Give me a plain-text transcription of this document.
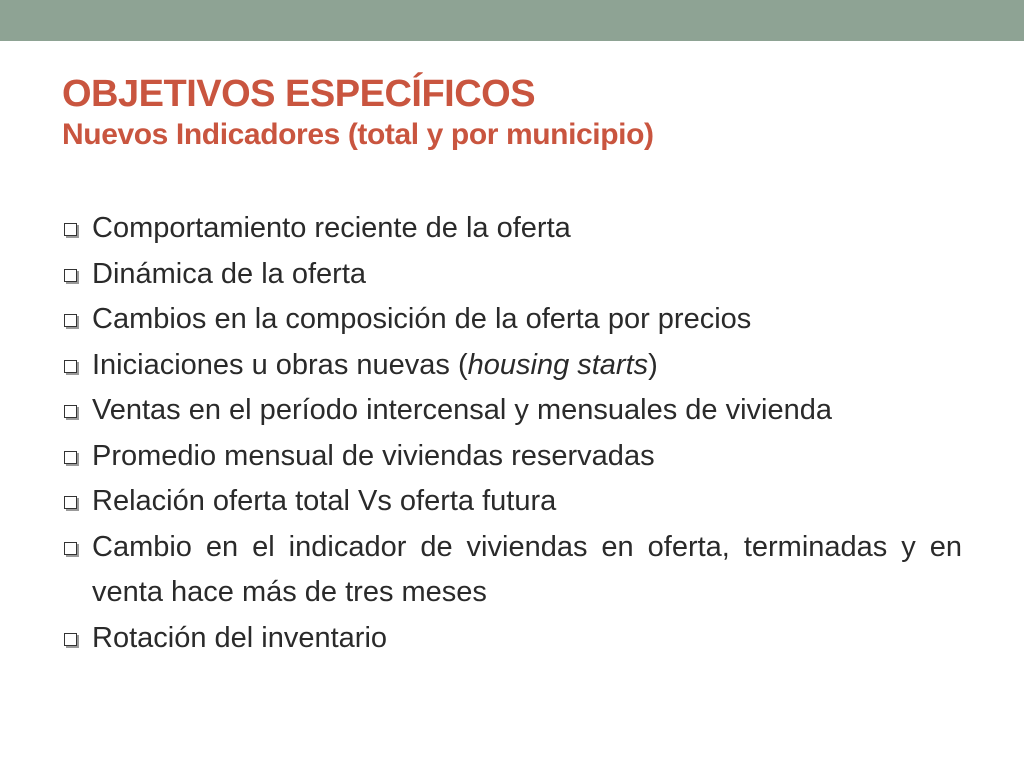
OBJETIVOS ESPECÍFICOS
Nuevos Indicadores (total y por municipio)
Comportamiento reciente de la oferta
Dinámica de la oferta
Cambios en la composición de la oferta por precios
Iniciaciones u obras nuevas (housing starts)
Ventas en el período intercensal y mensuales de vivienda
Promedio mensual de viviendas reservadas
Relación oferta total Vs oferta futura
Cambio en el indicador de viviendas en oferta, terminadas y en venta hace más de tres meses
Rotación del inventario
